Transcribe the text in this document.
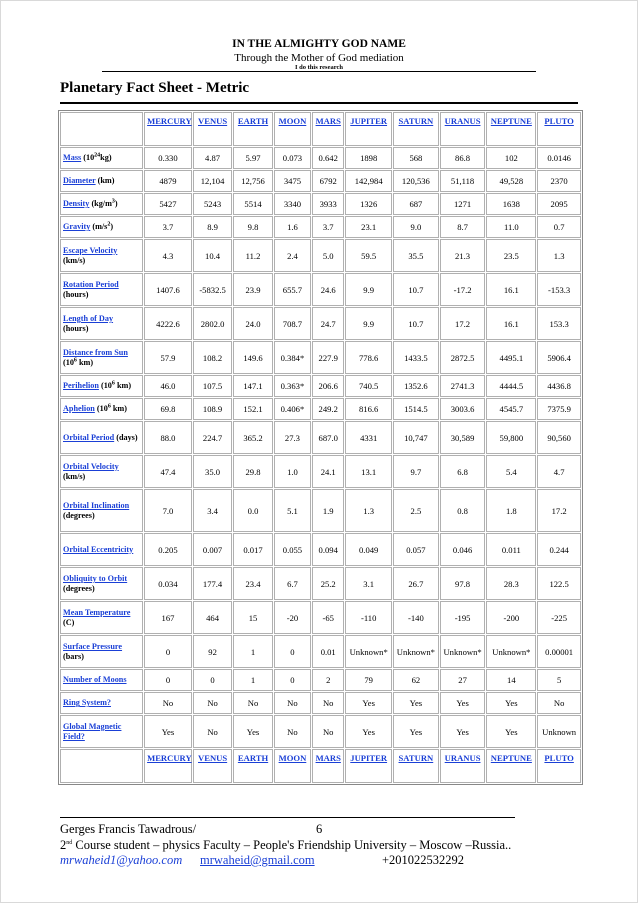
IN THE ALMIGHTY GOD NAME
Through the Mother of God mediation
I do this research
Planetary Fact Sheet - Metric
	MERCURY	VENUS	EARTH	MOON	MARS	JUPITER	SATURN	URANUS	NEPTUNE	PLUTO
Mass $(10^{24}kg)$	0.330	4.87	5.97	0.073	0.642	1898	568	86.8	102	0.0146
Diameter (km)	4879	12,104	12,756	3475	6792	142,984	120,536	51,118	49,528	2370
Density $(kg/m^3)$	5427	5243	5514	3340	3933	1326	687	1271	1638	2095
Gravity $(m/s^2)$	3.7	8.9	9.8	1.6	3.7	23.1	9.0	8.7	11.0	0.7
Escape Velocity (km/s)	4.3	10.4	11.2	2.4	5.0	59.5	35.5	21.3	23.5	1.3
Rotation Period (hours)	1407.6	-5832.5	23.9	655.7	24.6	9.9	10.7	-17.2	16.1	-153.3
Length of Day (hours)	4222.6	2802.0	24.0	708.7	24.7	9.9	10.7	17.2	16.1	153.3
Distance from Sun ($10^6$ km)	57.9	108.2	149.6	0.384*	227.9	778.6	1433.5	2872.5	4495.1	5906.4
Perihelion ($10^6$ km)	46.0	107.5	147.1	0.363*	206.6	740.5	1352.6	2741.3	4444.5	4436.8
Aphelion ($10^6$ km)	69.8	108.9	152.1	0.406*	249.2	816.6	1514.5	3003.6	4545.7	7375.9
Orbital Period (days)	88.0	224.7	365.2	27.3	687.0	4331	10,747	30,589	59,800	90,560
Orbital Velocity (km/s)	47.4	35.0	29.8	1.0	24.1	13.1	9.7	6.8	5.4	4.7
Orbital Inclination (degrees)	7.0	3.4	0.0	5.1	1.9	1.3	2.5	0.8	1.8	17.2
Orbital Eccentricity	0.205	0.007	0.017	0.055	0.094	0.049	0.057	0.046	0.011	0.244
Obliquity to Orbit (degrees)	0.034	177.4	23.4	6.7	25.2	3.1	26.7	97.8	28.3	122.5
Mean Temperature (C)	167	464	15	-20	-65	-110	-140	-195	-200	-225
Surface Pressure (bars)	0	92	1	0	0.01	Unknown*	Unknown*	Unknown*	Unknown*	0.00001
Number of Moons	0	0	1	0	2	79	62	27	14	5
Ring System?	No	No	No	No	No	Yes	Yes	Yes	Yes	No
Global Magnetic Field?	Yes	No	Yes	No	No	Yes	Yes	Yes	Yes	Unknown
	MERCURY	VENUS	EARTH	MOON	MARS	JUPITER	SATURN	URANUS	NEPTUNE	PLUTO
Gerges Francis Tawadrous/	6
2nd Course student – physics Faculty – People's Friendship University – Moscow –Russia..
mrwaheid1@yahoo.com mrwaheid@gmail.com	+201022532292
